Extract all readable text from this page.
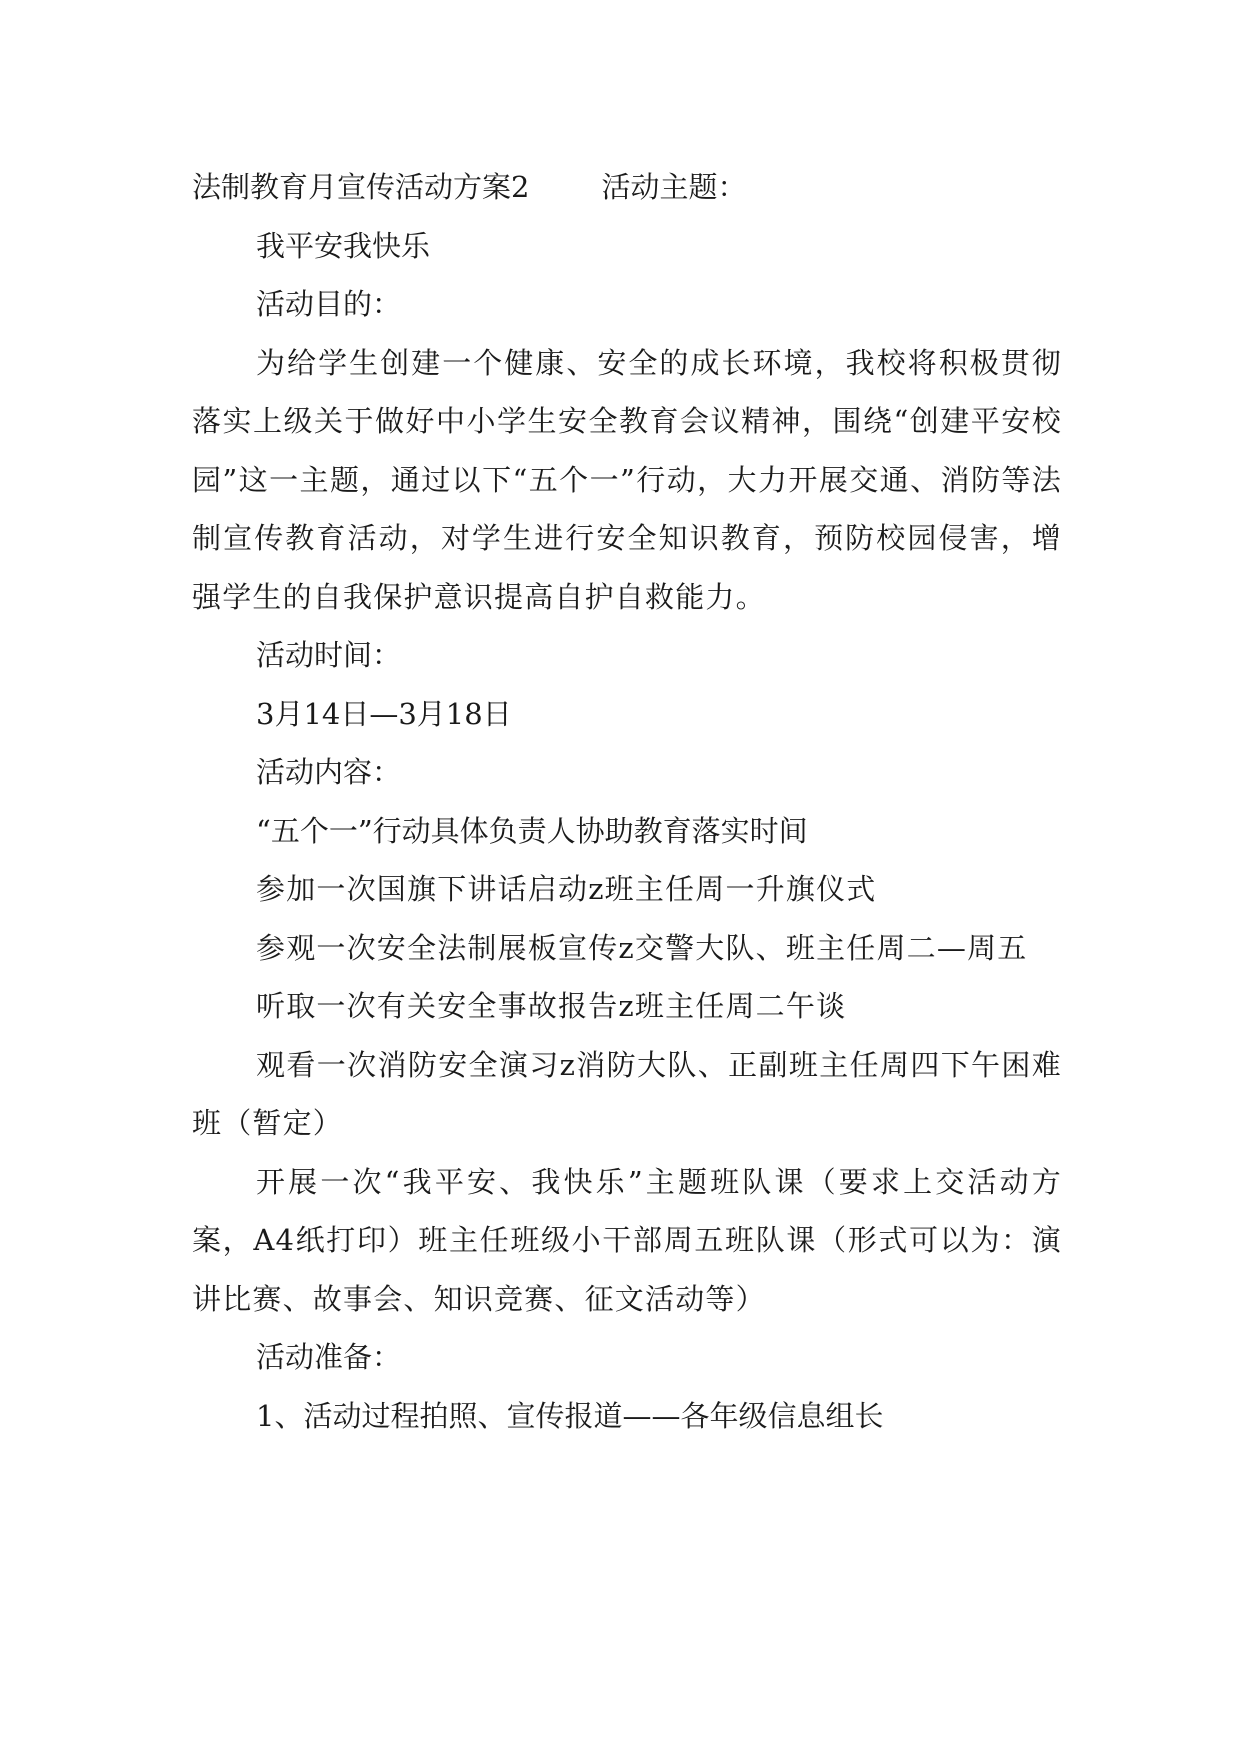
法制教育月宣传活动方案2 活动主题：

我平安我快乐

活动目的：

为给学生创建一个健康、安全的成长环境，我校将积极贯彻落实上级关于做好中小学生安全教育会议精神，围绕“创建平安校园”这一主题，通过以下“五个一”行动，大力开展交通、消防等法制宣传教育活动，对学生进行安全知识教育，预防校园侵害，增强学生的自我保护意识提高自护自救能力。

活动时间：

3月14日—3月18日

活动内容：

“五个一”行动具体负责人协助教育落实时间

参加一次国旗下讲话启动z班主任周一升旗仪式

参观一次安全法制展板宣传z交警大队、班主任周二—周五

听取一次有关安全事故报告z班主任周二午谈

观看一次消防安全演习z消防大队、正副班主任周四下午困难班（暂定）

开展一次“我平安、我快乐”主题班队课（要求上交活动方案，A4纸打印）班主任班级小干部周五班队课（形式可以为：演讲比赛、故事会、知识竞赛、征文活动等）

活动准备：

1、活动过程拍照、宣传报道——各年级信息组长
